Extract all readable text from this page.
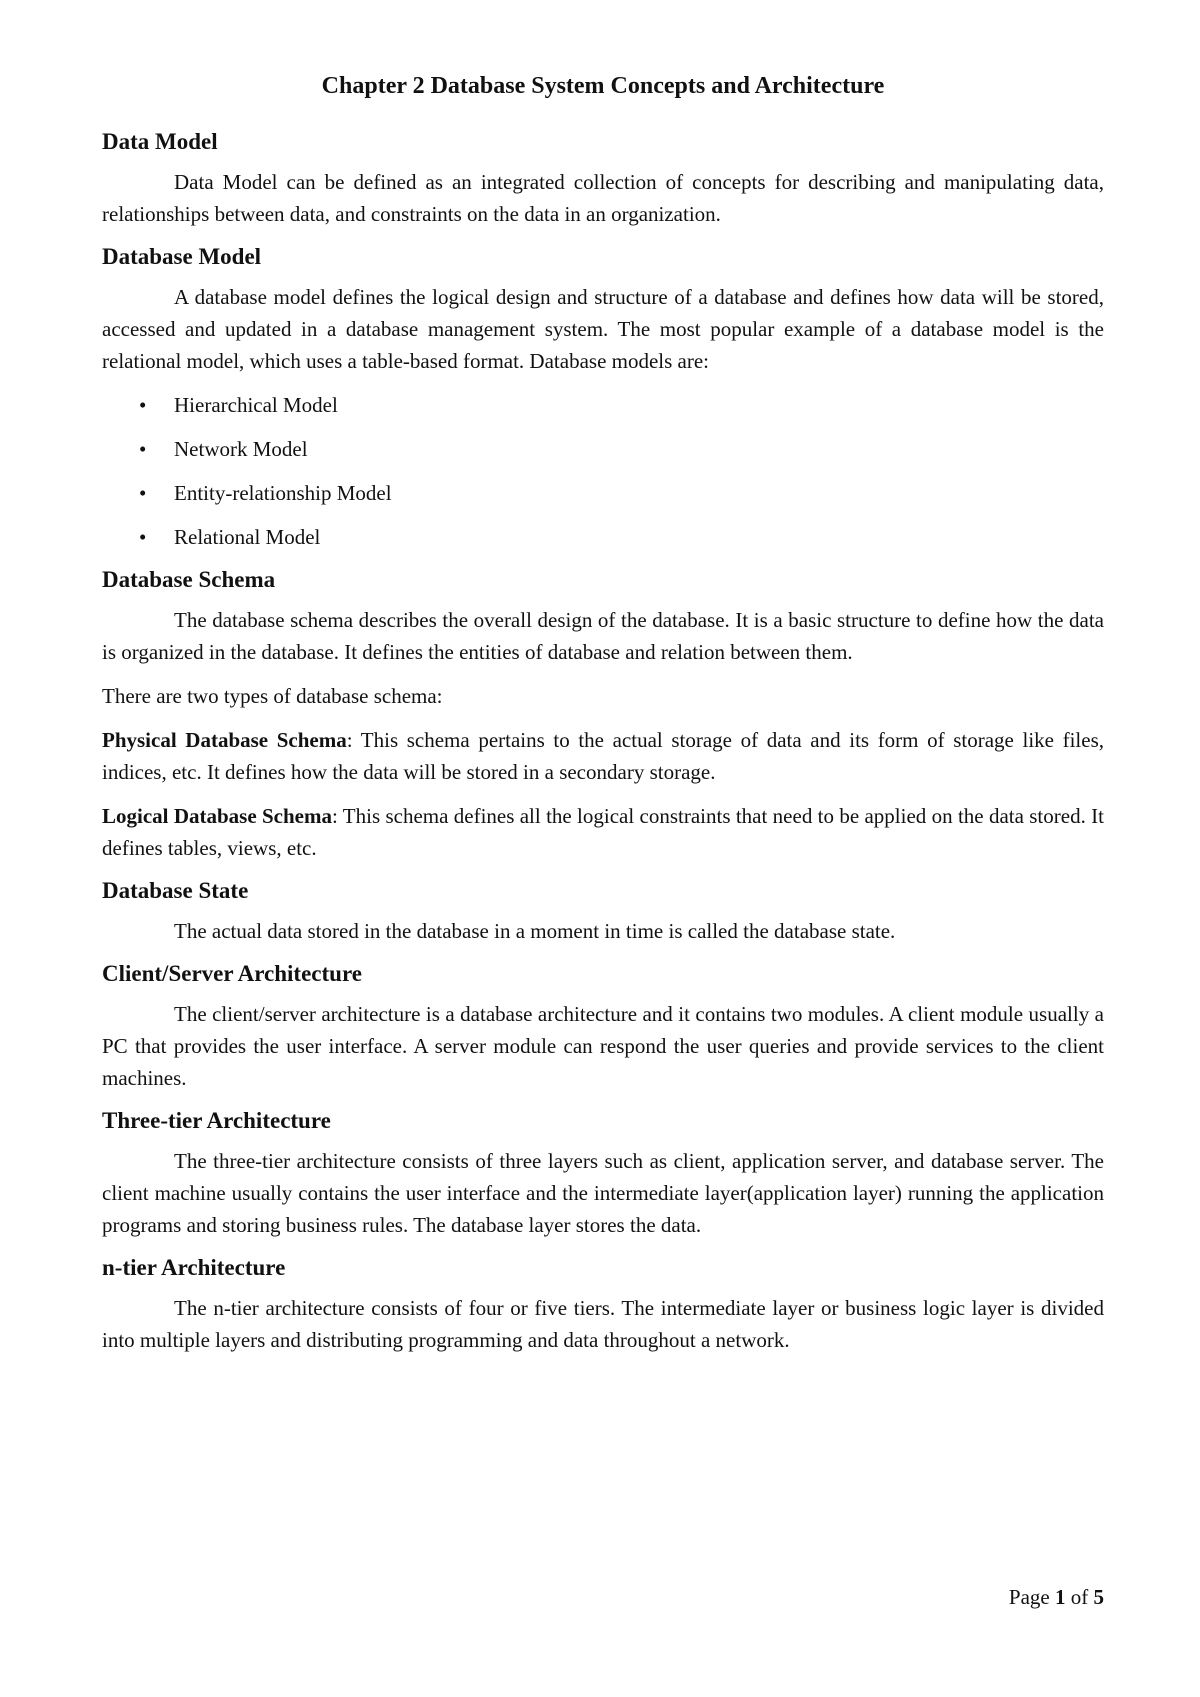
Chapter 2 Database System Concepts and Architecture
Data Model

Data Model can be defined as an integrated collection of concepts for describing and manipulating data, relationships between data, and constraints on the data in an organization.

Database Model

A database model defines the logical design and structure of a database and defines how data will be stored, accessed and updated in a database management system. The most popular example of a database model is the relational model, which uses a table-based format. Database models are:

• Hierarchical Model
• Network Model
• Entity-relationship Model
• Relational Model
Database Schema

The database schema describes the overall design of the database. It is a basic structure to define how the data is organized in the database. It defines the entities of database and relation between them.

There are two types of database schema:

Physical Database Schema: This schema pertains to the actual storage of data and its form of storage like files, indices, etc. It defines how the data will be stored in a secondary storage.

Logical Database Schema: This schema defines all the logical constraints that need to be applied on the data stored. It defines tables, views, etc.

Database State

The actual data stored in the database in a moment in time is called the database state.

Client/Server Architecture

The client/server architecture is a database architecture and it contains two modules. A client module usually a PC that provides the user interface. A server module can respond the user queries and provide services to the client machines.

Three-tier Architecture

The three-tier architecture consists of three layers such as client, application server, and database server. The client machine usually contains the user interface and the intermediate layer(application layer) running the application programs and storing business rules. The database layer stores the data.

n-tier Architecture

The n-tier architecture consists of four or five tiers. The intermediate layer or business logic layer is divided into multiple layers and distributing programming and data throughout a network.

Page 1 of 5
